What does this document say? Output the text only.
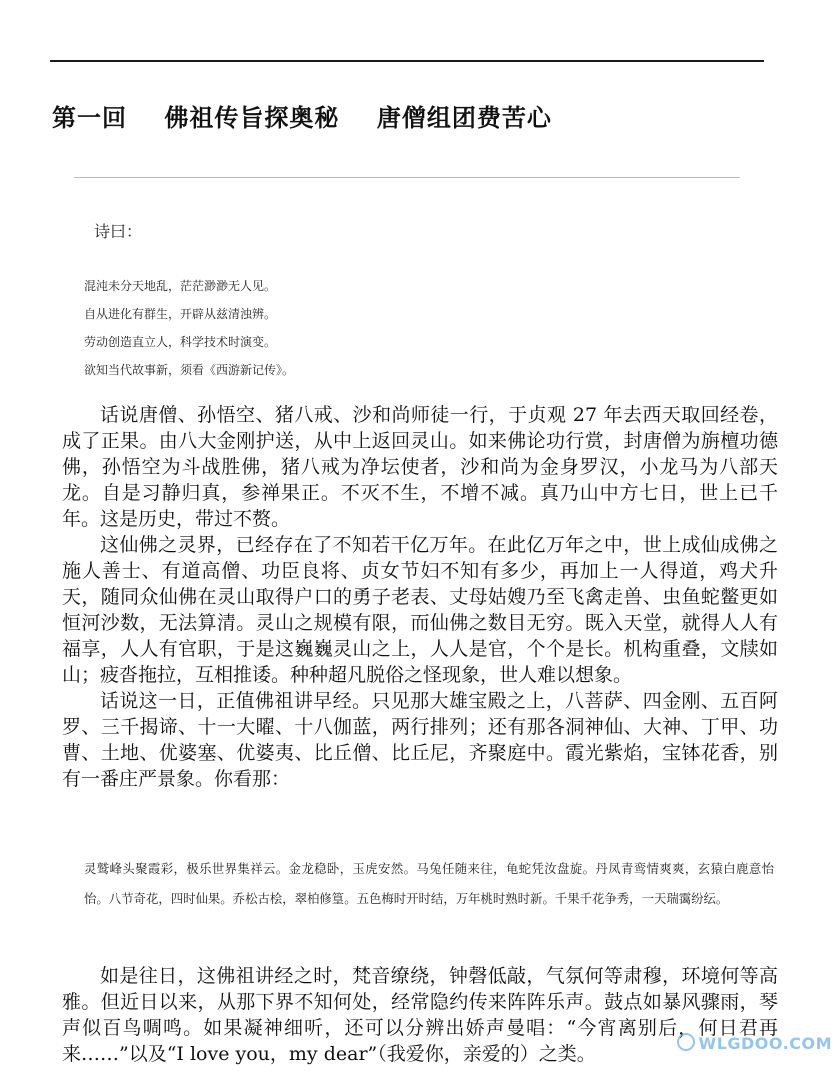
第一回 佛祖传旨探奥秘 唐僧组团费苦心
诗曰：
混沌未分天地乱，茫茫渺渺无人见。
自从进化有群生，开辟从兹清浊辨。
劳动创造直立人，科学技术时演变。
欲知当代故事新，须看《西游新记传》。

话说唐僧、孙悟空、猪八戒、沙和尚师徒一行，于贞观 27 年去西天取回经卷，成了正果。由八大金刚护送，从中上返回灵山。如来佛论功行赏，封唐僧为旃檀功德佛，孙悟空为斗战胜佛，猪八戒为净坛使者，沙和尚为金身罗汉，小龙马为八部天龙。自是习静归真，参禅果正。不灭不生，不增不减。真乃山中方七日，世上已千年。这是历史，带过不赘。

这仙佛之灵界，已经存在了不知若干亿万年。在此亿万年之中，世上成仙成佛之施人善士、有道高僧、功臣良将、贞女节妇不知有多少，再加上一人得道，鸡犬升天，随同众仙佛在灵山取得户口的勇子老表、丈母姑嫂乃至飞禽走兽、虫鱼蛇鳖更如恒河沙数，无法算清。灵山之规模有限，而仙佛之数目无穷。既入天堂，就得人人有福享，人人有官职，于是这巍巍灵山之上，人人是官，个个是长。机构重叠，文牍如山；疲沓拖拉，互相推诿。种种超凡脱俗之怪现象，世人难以想象。

话说这一日，正值佛祖讲早经。只见那大雄宝殿之上，八菩萨、四金刚、五百阿罗、三千揭谛、十一大曜、十八伽蓝，两行排列；还有那各洞神仙、大神、丁甲、功曹、土地、优婆塞、优婆夷、比丘僧、比丘尼，齐聚庭中。霞光紫焰，宝钵花香，别有一番庄严景象。你看那：

灵鹫峰头聚霞彩，极乐世界集祥云。金龙稳卧，玉虎安然。马兔任随来往，龟蛇凭汝盘旋。丹凤青鸾情爽爽，玄猿白鹿意怡怡。八节奇花，四时仙果。乔松古桧，翠柏修篁。五色梅时开时结，万年桃时熟时新。千果千花争秀，一天瑞霭纷纭。

如是往日，这佛祖讲经之时，梵音缭绕，钟磬低敲，气氛何等肃穆，环境何等高雅。但近日以来，从那下界不知何处，经常隐约传来阵阵乐声。鼓点如暴风骤雨，琴声似百鸟啁鸣。如果凝神细听，还可以分辨出娇声曼唱：“今宵离别后，何日君再来……”以及“I love you，my dear”（我爱你，亲爱的）之类。	WLGDOO.COM
